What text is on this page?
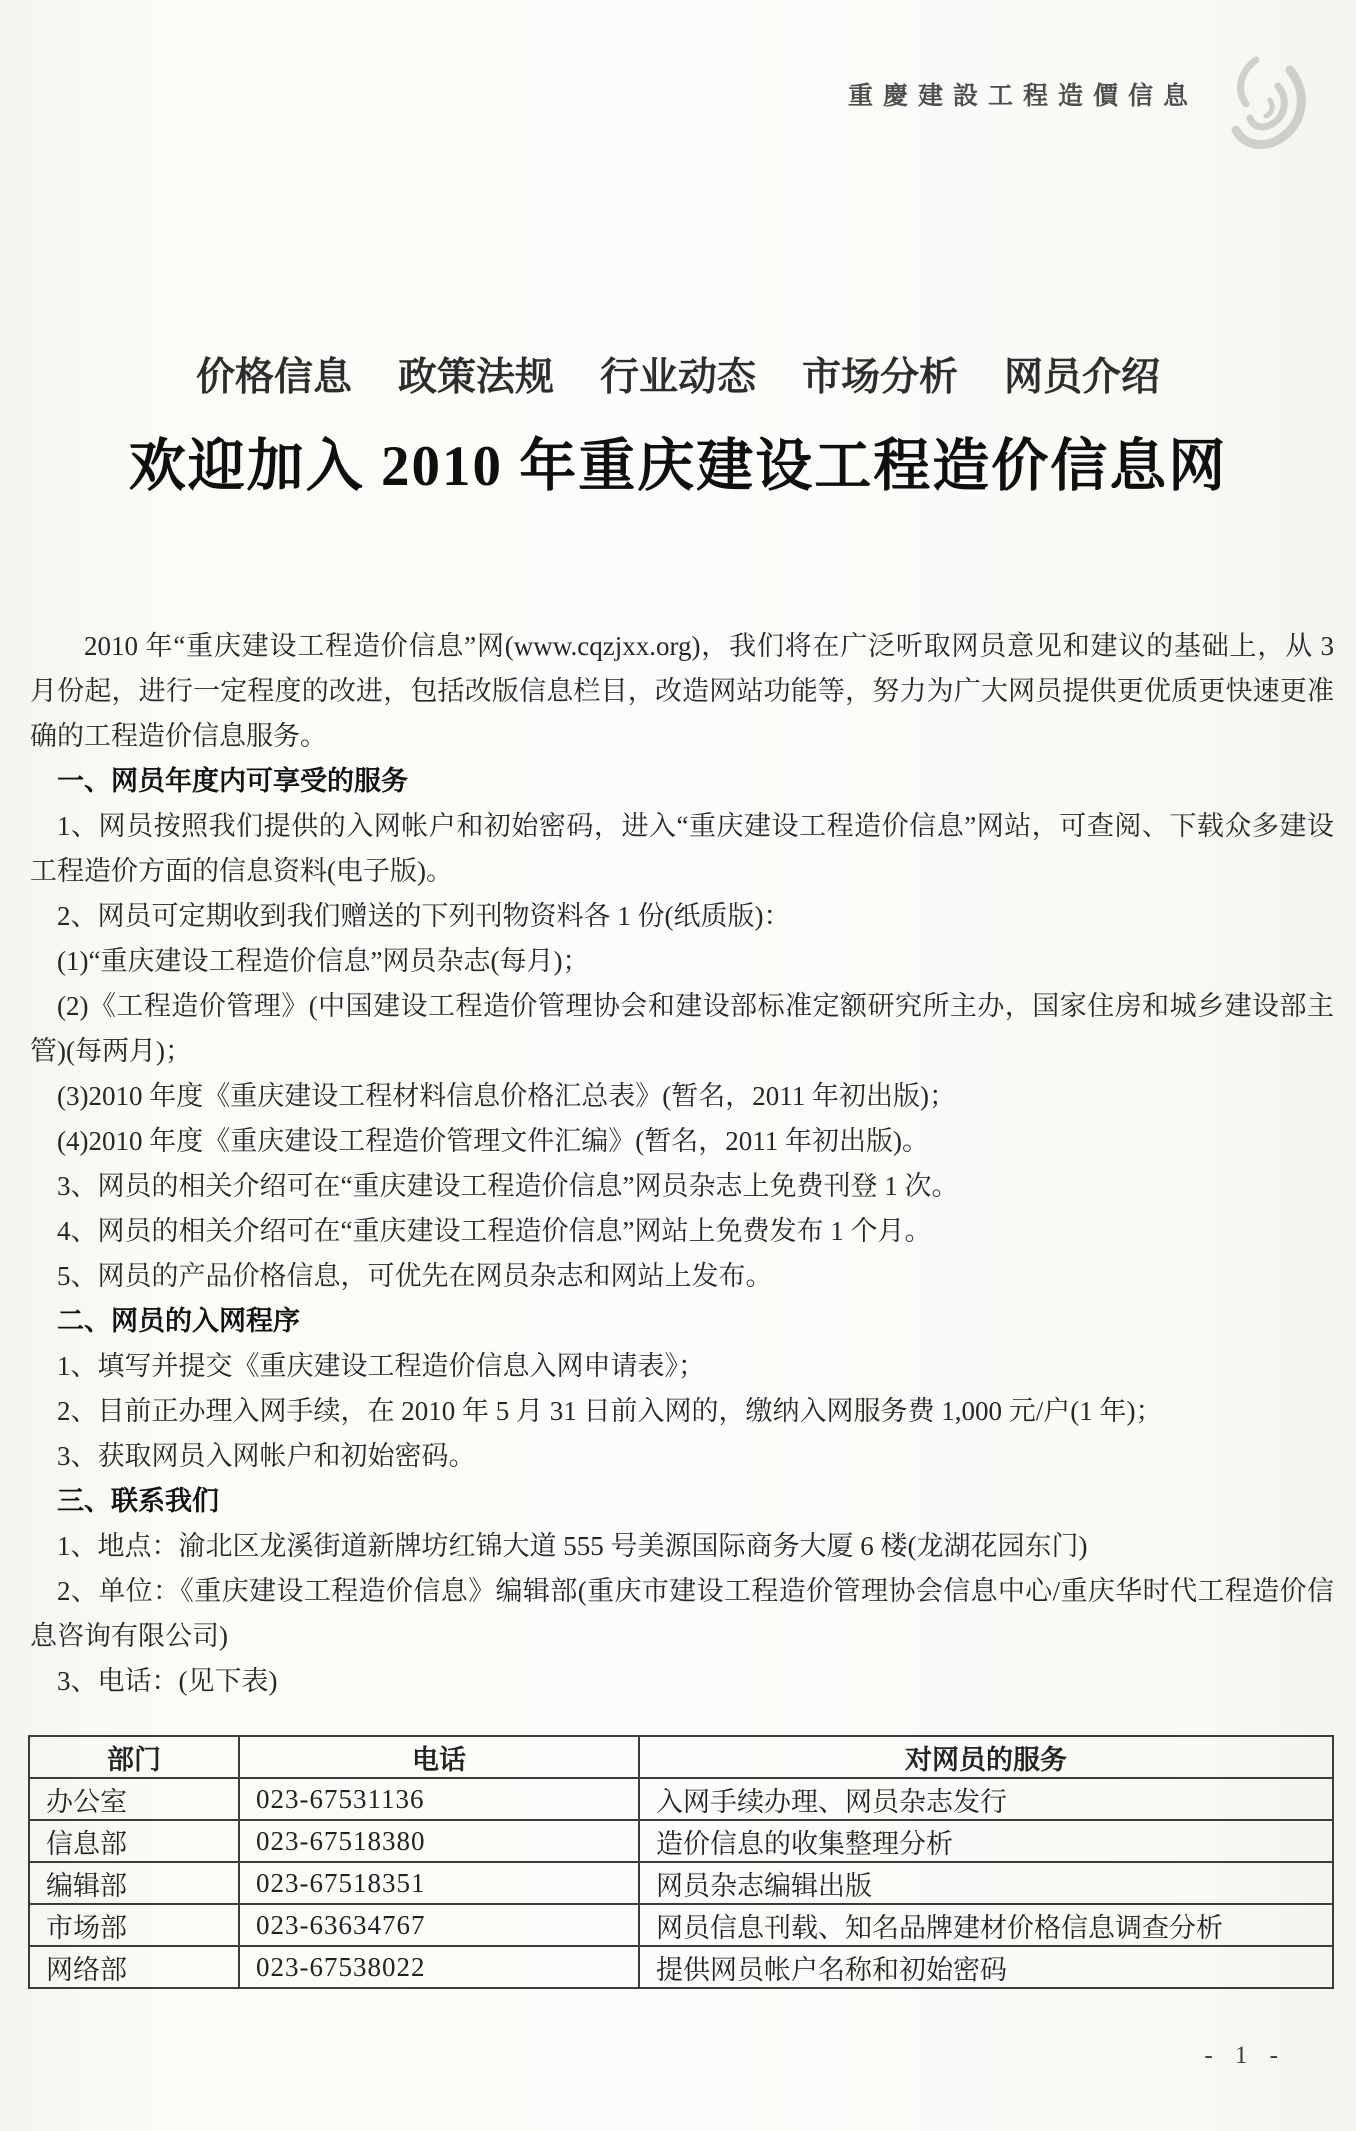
重慶建設工程造價信息
价格信息 政策法规 行业动态 市场分析 网员介绍
欢迎加入 2010 年重庆建设工程造价信息网

2010 年“重庆建设工程造价信息”网(www.cqzjxx.org)，我们将在广泛听取网员意见和建议的基础上，从 3 月份起，进行一定程度的改进，包括改版信息栏目，改造网站功能等，努力为广大网员提供更优质更快速更准确的工程造价信息服务。

一、网员年度内可享受的服务

1、网员按照我们提供的入网帐户和初始密码，进入“重庆建设工程造价信息”网站，可查阅、下载众多建设工程造价方面的信息资料(电子版)。

2、网员可定期收到我们赠送的下列刊物资料各 1 份(纸质版)：

(1)“重庆建设工程造价信息”网员杂志(每月)；

(2)《工程造价管理》(中国建设工程造价管理协会和建设部标准定额研究所主办，国家住房和城乡建设部主管)(每两月)；

(3)2010 年度《重庆建设工程材料信息价格汇总表》(暂名，2011 年初出版)；

(4)2010 年度《重庆建设工程造价管理文件汇编》(暂名，2011 年初出版)。

3、网员的相关介绍可在“重庆建设工程造价信息”网员杂志上免费刊登 1 次。

4、网员的相关介绍可在“重庆建设工程造价信息”网站上免费发布 1 个月。

5、网员的产品价格信息，可优先在网员杂志和网站上发布。

二、网员的入网程序

1、填写并提交《重庆建设工程造价信息入网申请表》；

2、目前正办理入网手续，在 2010 年 5 月 31 日前入网的，缴纳入网服务费 1,000 元/户(1 年)；

3、获取网员入网帐户和初始密码。

三、联系我们

1、地点：渝北区龙溪街道新牌坊红锦大道 555 号美源国际商务大厦 6 楼(龙湖花园东门)

2、单位：《重庆建设工程造价信息》编辑部(重庆市建设工程造价管理协会信息中心/重庆华时代工程造价信息咨询有限公司)

3、电话：(见下表)

部门	电话	对网员的服务
办公室	023-67531136	入网手续办理、网员杂志发行
信息部	023-67518380	造价信息的收集整理分析
编辑部	023-67518351	网员杂志编辑出版
市场部	023-63634767	网员信息刊载、知名品牌建材价格信息调查分析
网络部	023-67538022	提供网员帐户名称和初始密码
- 1 -
